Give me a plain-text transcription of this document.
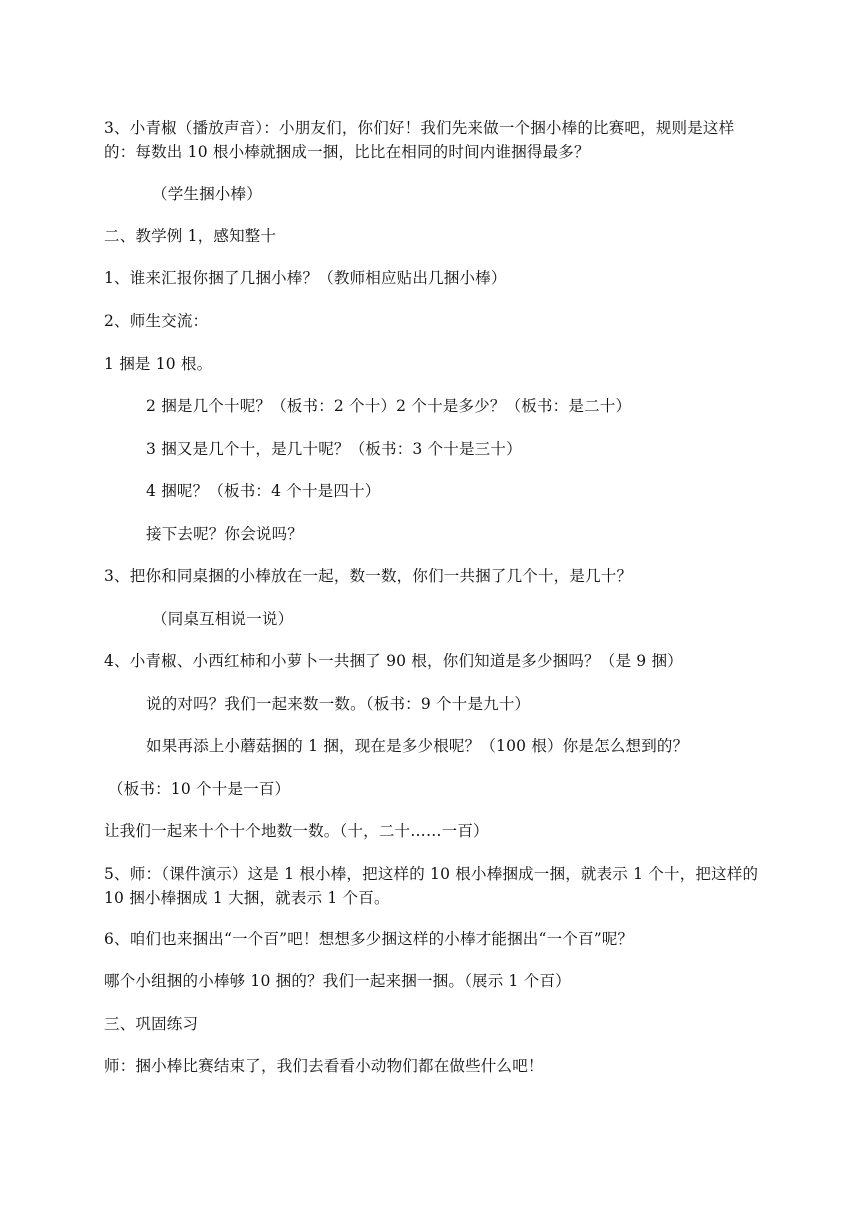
3、小青椒（播放声音）：小朋友们，你们好！我们先来做一个捆小棒的比赛吧，规则是这样的：每数出 10 根小棒就捆成一捆，比比在相同的时间内谁捆得最多？
（学生捆小棒）
二、教学例 1，感知整十
1、谁来汇报你捆了几捆小棒？（教师相应贴出几捆小棒）
2、师生交流：
1 捆是 10 根。
2 捆是几个十呢？（板书：2 个十）2 个十是多少？（板书：是二十）
3 捆又是几个十，是几十呢？（板书：3 个十是三十）
4 捆呢？（板书：4 个十是四十）
接下去呢？你会说吗？
3、把你和同桌捆的小棒放在一起，数一数，你们一共捆了几个十，是几十？
（同桌互相说一说）
4、小青椒、小西红柿和小萝卜一共捆了 90 根，你们知道是多少捆吗？（是 9 捆）
说的对吗？我们一起来数一数。（板书：9 个十是九十）
如果再添上小蘑菇捆的 1 捆，现在是多少根呢？（100 根）你是怎么想到的？
（板书：10 个十是一百）
让我们一起来十个十个地数一数。（十，二十……一百）
5、师：（课件演示）这是 1 根小棒，把这样的 10 根小棒捆成一捆，就表示 1 个十，把这样的 10 捆小棒捆成 1 大捆，就表示 1 个百。
6、咱们也来捆出“一个百”吧！想想多少捆这样的小棒才能捆出“一个百”呢？
哪个小组捆的小棒够 10 捆的？我们一起来捆一捆。（展示 1 个百）
三、巩固练习
师：捆小棒比赛结束了，我们去看看小动物们都在做些什么吧！
